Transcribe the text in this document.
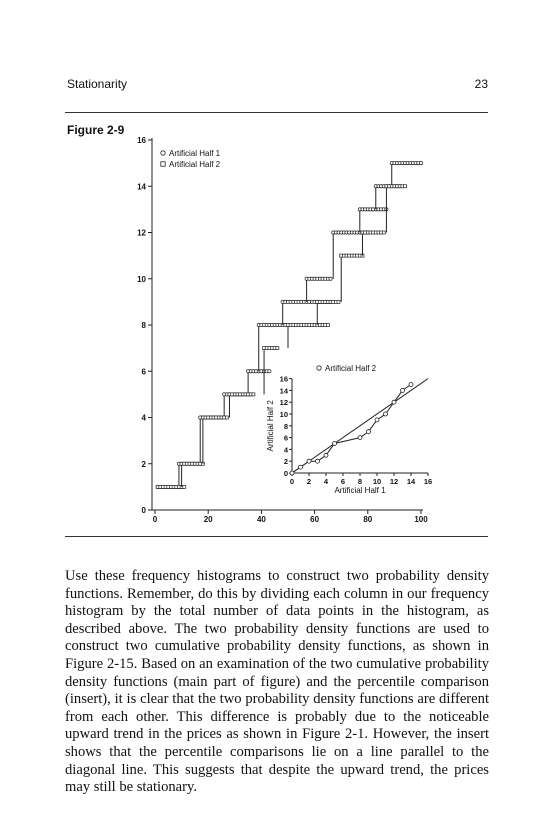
Stationarity	23
Figure 2-9
0	20	40	60	80	100
0
2
4
6
8
10
12
14
16
Artificial Half 1
Artificial Half 2
Artificial Half 2
0 2 4 6 8 10 12 14 16
0
2
4
6
8
10
12
14
16
Artificial Half 1
Artificial Half 2

Use these frequency histograms to construct two probability density functions. Remember, do this by dividing each column in our frequency histogram by the total number of data points in the histogram, as described above. The two probability density functions are used to construct two cumulative probability density functions, as shown in Figure 2-15. Based on an examination of the two cumulative probability density functions (main part of figure) and the percentile comparison (insert), it is clear that the two probability density functions are different from each other. This difference is probably due to the noticeable upward trend in the prices as shown in Figure 2-1. However, the insert shows that the percentile comparisons lie on a line parallel to the diagonal line. This suggests that despite the upward trend, the prices may still be stationary.
